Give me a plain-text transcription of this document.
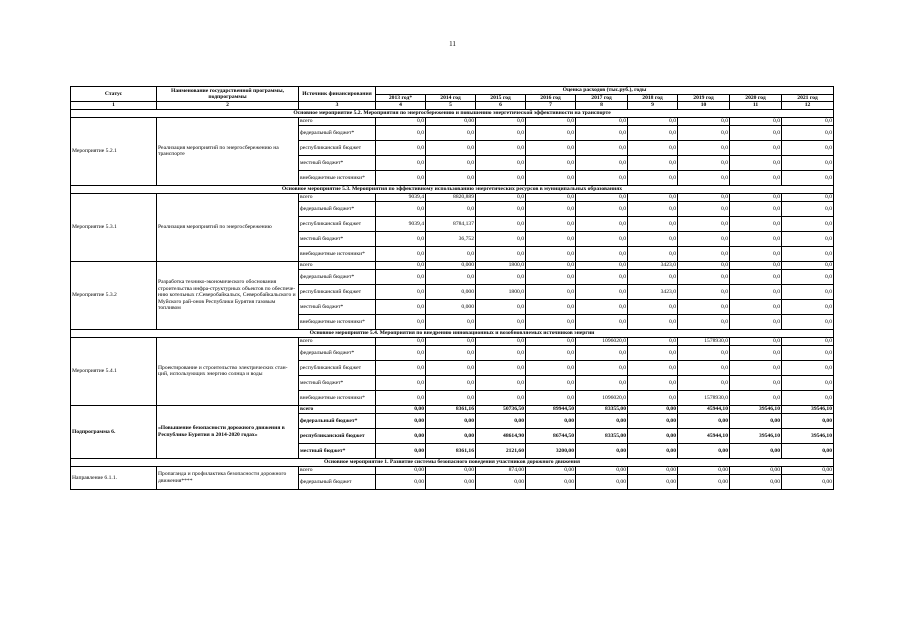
11
Статус	Наименование государственной программы, подпрограммы	Источник финансирования	Оценка расходов (тыс.руб.), годы								
			2013 год*	2014 год	2015 год	2016 год	2017 год	2018 год	2019 год	2020 год	2021 год
1	2	3	4	5	6	7	8	9	10	11	12
Основное мероприятие 5.2. Мероприятия по энергосбережению и повышению энергетической эффективности на транспорте											
Мероприятие 5.2.1	Реализация мероприятий по энергосбережению на транспорте	всего	0,0	0,00	0,0	0,0	0,0	0,0	0,0	0,0	0,0
		федеральный бюджет*	0,0	0,0	0,0	0,0	0,0	0,0	0,0	0,0	0,0
		республиканский бюджет	0,0	0,0	0,0	0,0	0,0	0,0	0,0	0,0	0,0
		местный бюджет*	0,0	0,0	0,0	0,0	0,0	0,0	0,0	0,0	0,0
		внебюджетные источники*	0,0	0,0	0,0	0,0	0,0	0,0	0,0	0,0	0,0
Основное мероприятие 5.3. Мероприятия по эффективному использованию энергетических ресурсов в муниципальных образованиях											
Мероприятие 5.3.1	Реализация мероприятий по энергосбережению	всего	9039,4	8820,889	0,0	0,0	0,0	0,0	0,0	0,0	0,0
		федеральный бюджет*	0,0	0,0	0,0	0,0	0,0	0,0	0,0	0,0	0,0
		республиканский бюджет	9039,4	8784,137	0,0	0,0	0,0	0,0	0,0	0,0	0,0
		местный бюджет*	0,0	36,752	0,0	0,0	0,0	0,0	0,0	0,0	0,0
		внебюджетные источники*	0,0	0,0	0,0	0,0	0,0	0,0	0,0	0,0	0,0
Мероприятие 5.3.2	Разработка технико-экономического обоснования строительства инфра-структурных объектов по обеспече-нию котельных г.Северобайкальск, Северобайкальского и Муйского рай-онов Республики Бурятия газовым топливом	всего	0,0	0,000	1800,0	0,0	0,0	3423,0	0,0	0,0	0,0
		федеральный бюджет*	0,0	0,0	0,0	0,0	0,0	0,0	0,0	0,0	0,0
		республиканский бюджет	0,0	0,000	1800,0	0,0	0,0	3423,0	0,0	0,0	0,0
		местный бюджет*	0,0	0,000	0,0	0,0	0,0	0,0	0,0	0,0	0,0
		внебюджетные источники*	0,0	0,0	0,0	0,0	0,0	0,0	0,0	0,0	0,0
Основное мероприятие 5.4. Мероприятия по внедрению инновационных и возобновляемых источников энергии											
Мероприятие 5.4.1	Проектирование и строительство электрических стан-ций, использующих энергию солнца и воды	всего	0,0	0,0	0,0	0,0	1096020,0	0,0	1578930,0	0,0	0,0
		федеральный бюджет*	0,0	0,0	0,0	0,0	0,0	0,0	0,0	0,0	0,0
		республиканский бюджет	0,0	0,0	0,0	0,0	0,0	0,0	0,0	0,0	0,0
		местный бюджет*	0,0	0,0	0,0	0,0	0,0	0,0	0,0	0,0	0,0
		внебюджетные источники*	0,0	0,0	0,0	0,0	1096020,0	0,0	1578930,0	0,0	0,0
Подпрограмма 6.	«Повышение безопасности дорожного движения в Республике Бурятия в 2014-2020 годах»	всего	0,00	8361,16	50736,50	89944,50	83355,00	0,00	45944,10	39546,10	39546,10
		федеральный бюджет*	0,00	0,00	0,00	0,00	0,00	0,00	0,00	0,00	0,00
		республиканский бюджет	0,00	0,00	48614,90	86744,50	83355,00	0,00	45944,10	39546,10	39546,10
		местный бюджет*	0,00	8361,16	2121,60	3200,00	0,00	0,00	0,00	0,00	0,00
Основное мероприятие 1. Развитие системы безопасного поведения участников дорожного движения											
Направление 6.1.1.	Пропаганда и профилактика безопасности дорожного движения****	всего	0,00	0,00	874,00	0,00	0,00	0,00	0,00	0,00	0,00
		федеральный бюджет	0,00	0,00	0,00	0,00	0,00	0,00	0,00	0,00	0,00
